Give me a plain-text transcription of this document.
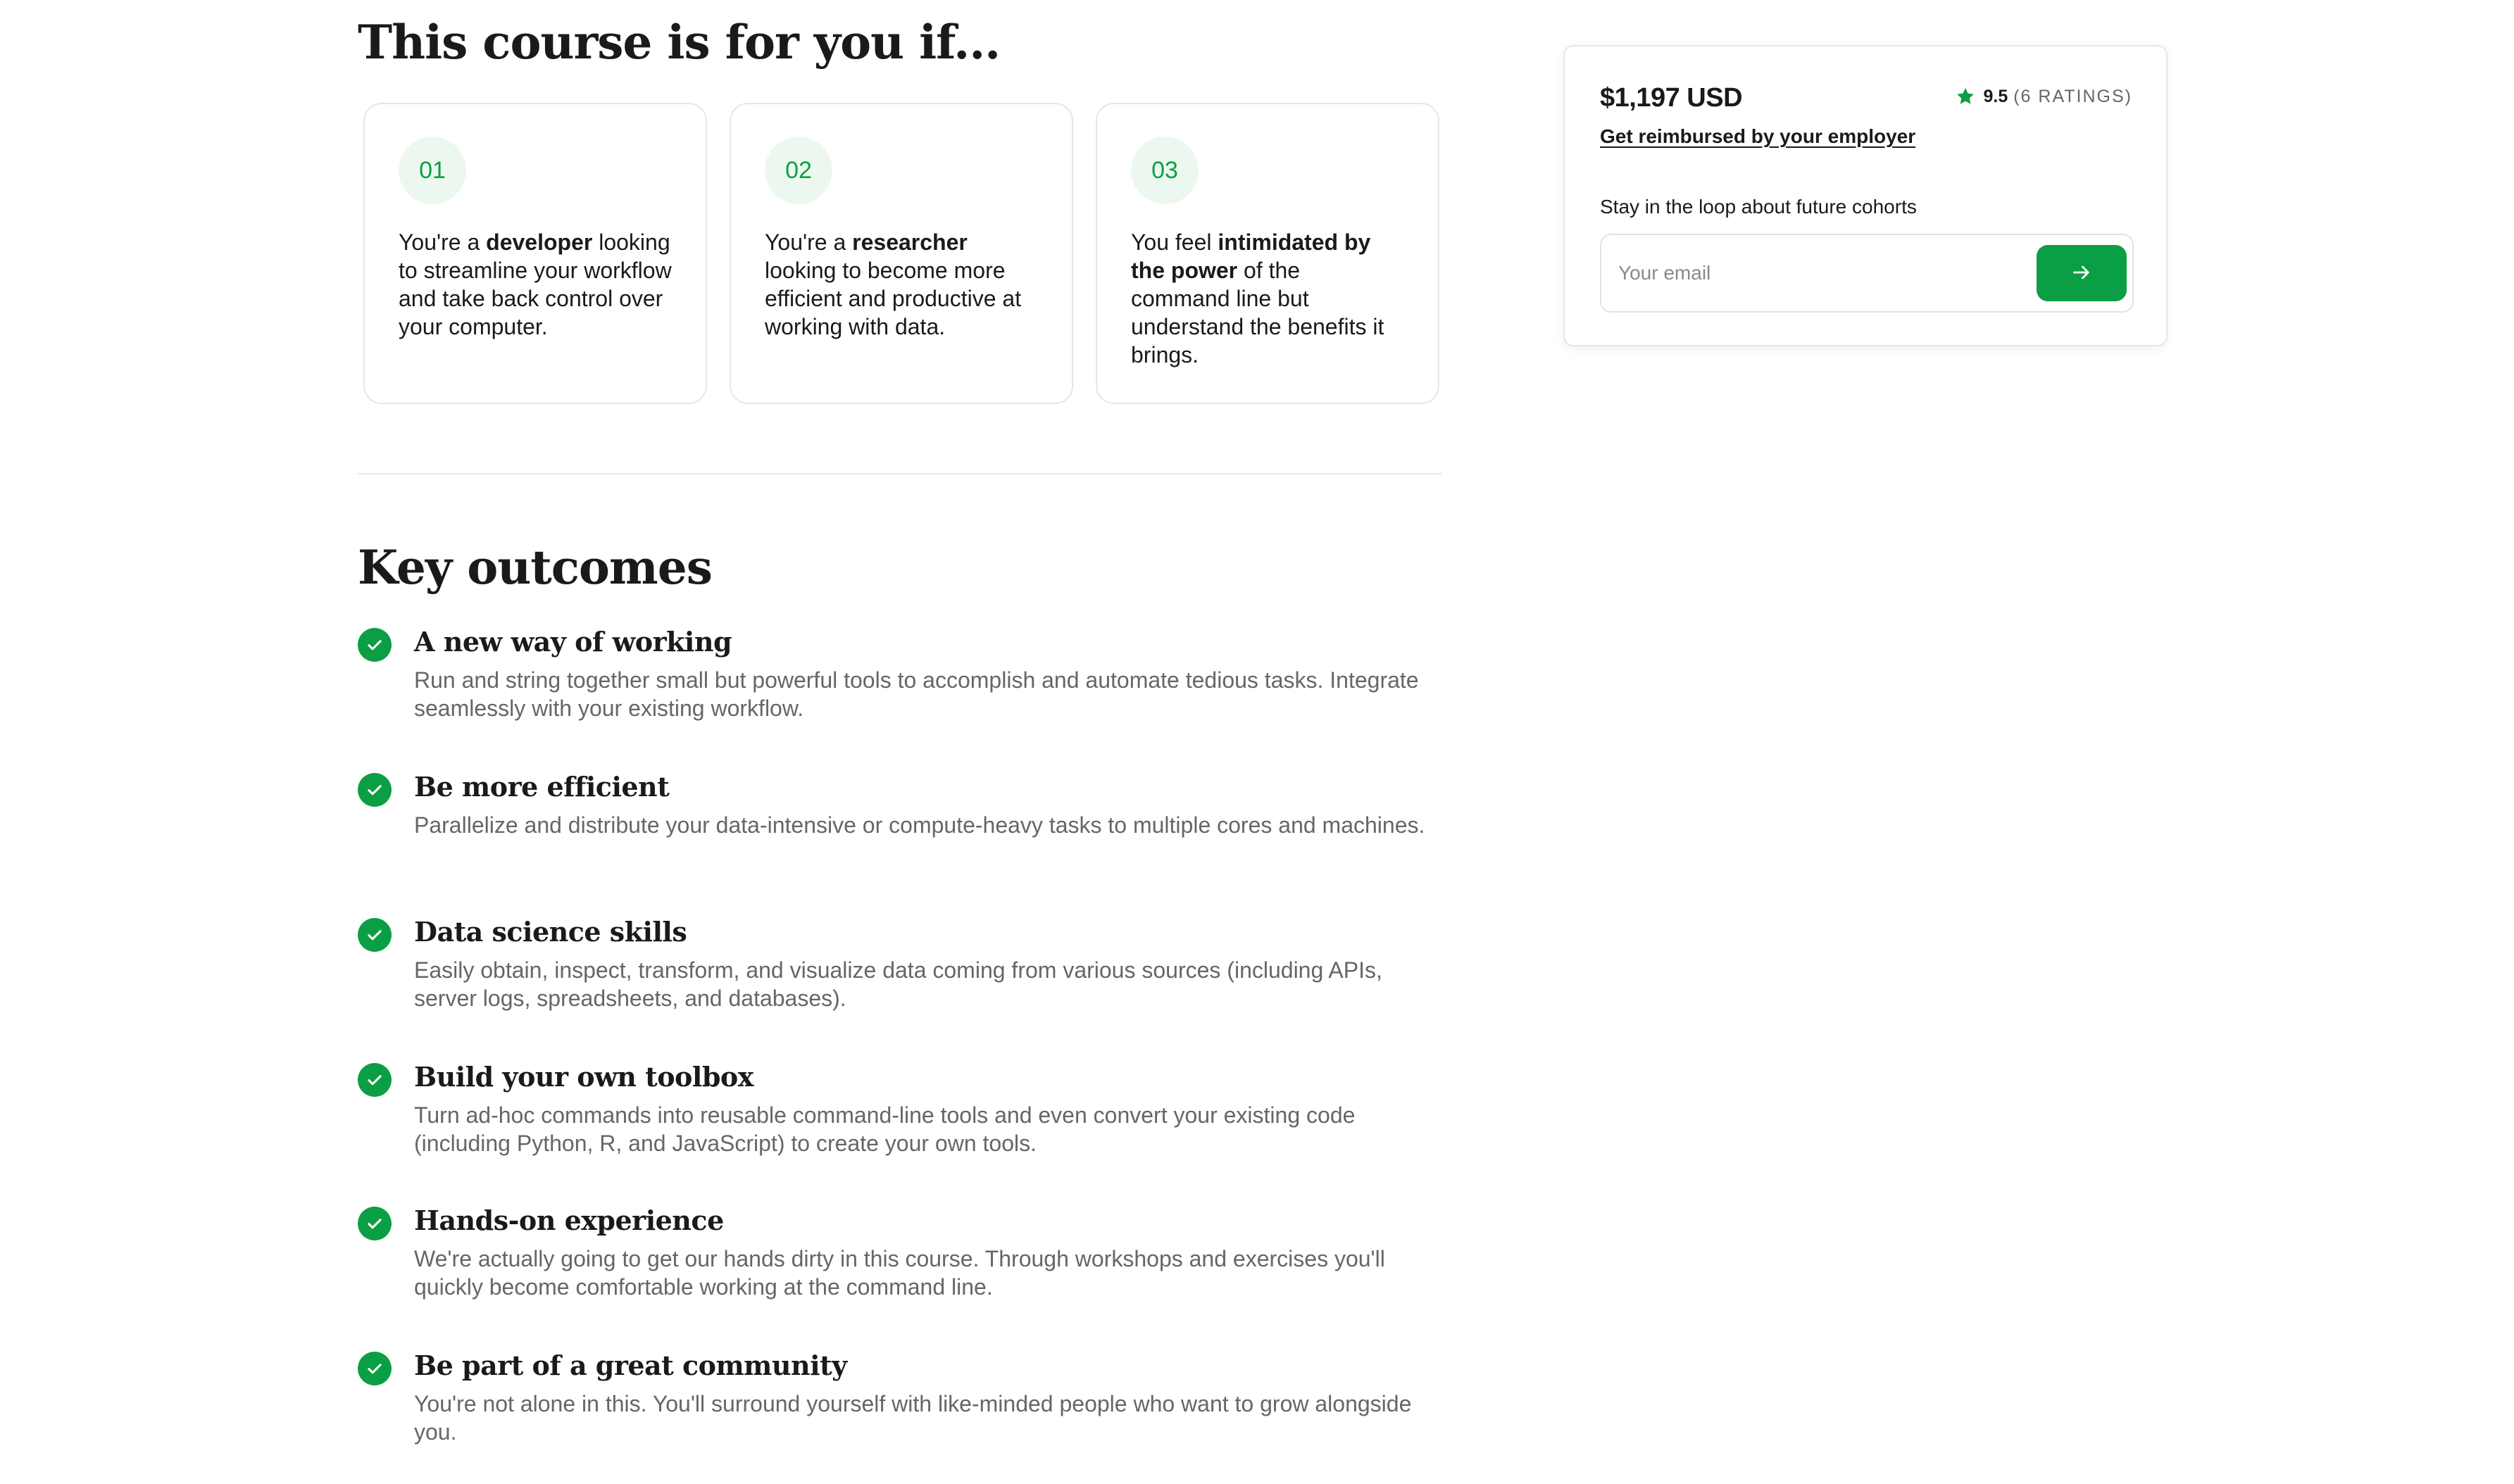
This course is for you if...
01
You're a developer looking to streamline your workflow and take back control over your computer.
02
You're a researcher looking to become more efficient and productive at working with data.
03
You feel intimidated by the power of the command line but understand the benefits it brings.
Key outcomes
A new way of working
Run and string together small but powerful tools to accomplish and automate tedious tasks. Integrate seamlessly with your existing workflow.
Be more efficient
Parallelize and distribute your data-intensive or compute-heavy tasks to multiple cores and machines.
Data science skills
Easily obtain, inspect, transform, and visualize data coming from various sources (including APIs, server logs, spreadsheets, and databases).
Build your own toolbox
Turn ad-hoc commands into reusable command-line tools and even convert your existing code (including Python, R, and JavaScript) to create your own tools.
Hands-on experience
We're actually going to get our hands dirty in this course. Through workshops and exercises you'll quickly become comfortable working at the command line.
Be part of a great community
You're not alone in this. You'll surround yourself with like-minded people who want to grow alongside you.
$1,197 USD	9.5 (6 RATINGS)
Get reimbursed by your employer
Stay in the loop about future cohorts
Your email
